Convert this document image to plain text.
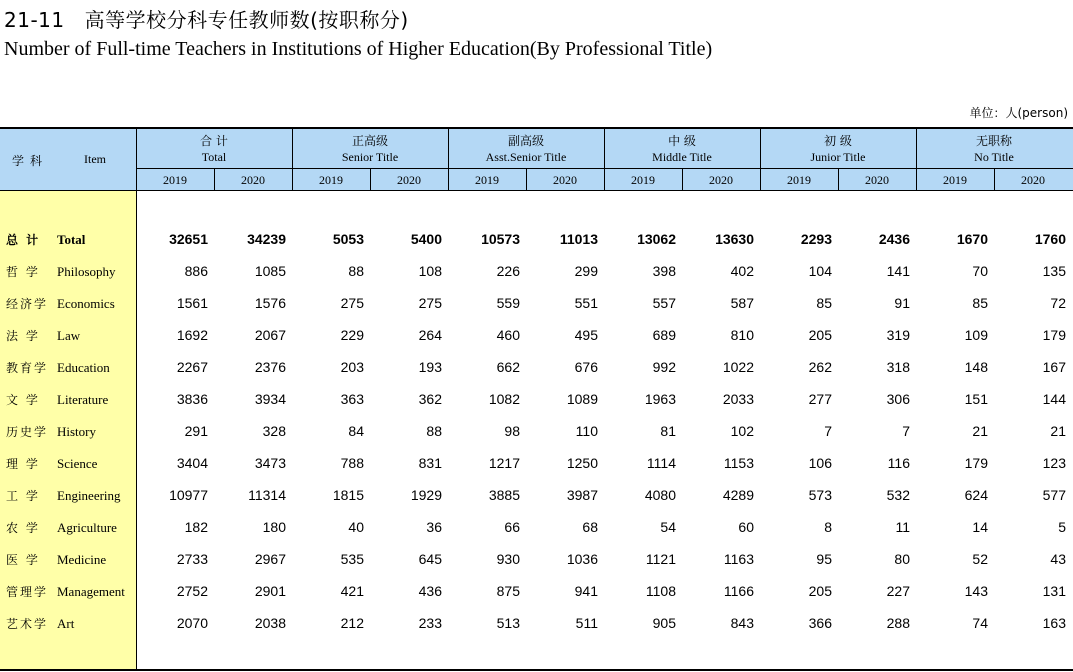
21-11 高等学校分科专任教师数(按职称分)
Number of Full-time Teachers in Institutions of Higher Education(By Professional Title)
单位：人(person)
学科	Item
合 计
Total
2019	2020
正高级
Senior Title
2019	2020
副高级
Asst.Senior Title
2019	2020
中 级
Middle Title
2019	2020
初 级
Junior Title
2019	2020
无职称
No Title
2019	2020
总 计 Total	32651	34239	5053	5400	10573	11013	13062	13630	2293	2436	1670	1760
哲 学 Philosophy	886	1085	88	108	226	299	398	402	104	141	70	135
经济学 Economics	1561	1576	275	275	559	551	557	587	85	91	85	72
法 学 Law	1692	2067	229	264	460	495	689	810	205	319	109	179
教育学 Education	2267	2376	203	193	662	676	992	1022	262	318	148	167
文 学 Literature	3836	3934	363	362	1082	1089	1963	2033	277	306	151	144
历史学 History	291	328	84	88	98	110	81	102	7	7	21	21
理 学 Science	3404	3473	788	831	1217	1250	1114	1153	106	116	179	123
工 学 Engineering	10977	11314	1815	1929	3885	3987	4080	4289	573	532	624	577
农 学 Agriculture	182	180	40	36	66	68	54	60	8	11	14	5
医 学 Medicine	2733	2967	535	645	930	1036	1121	1163	95	80	52	43
管理学 Management	2752	2901	421	436	875	941	1108	1166	205	227	143	131
艺术学 Art	2070	2038	212	233	513	511	905	843	366	288	74	163
